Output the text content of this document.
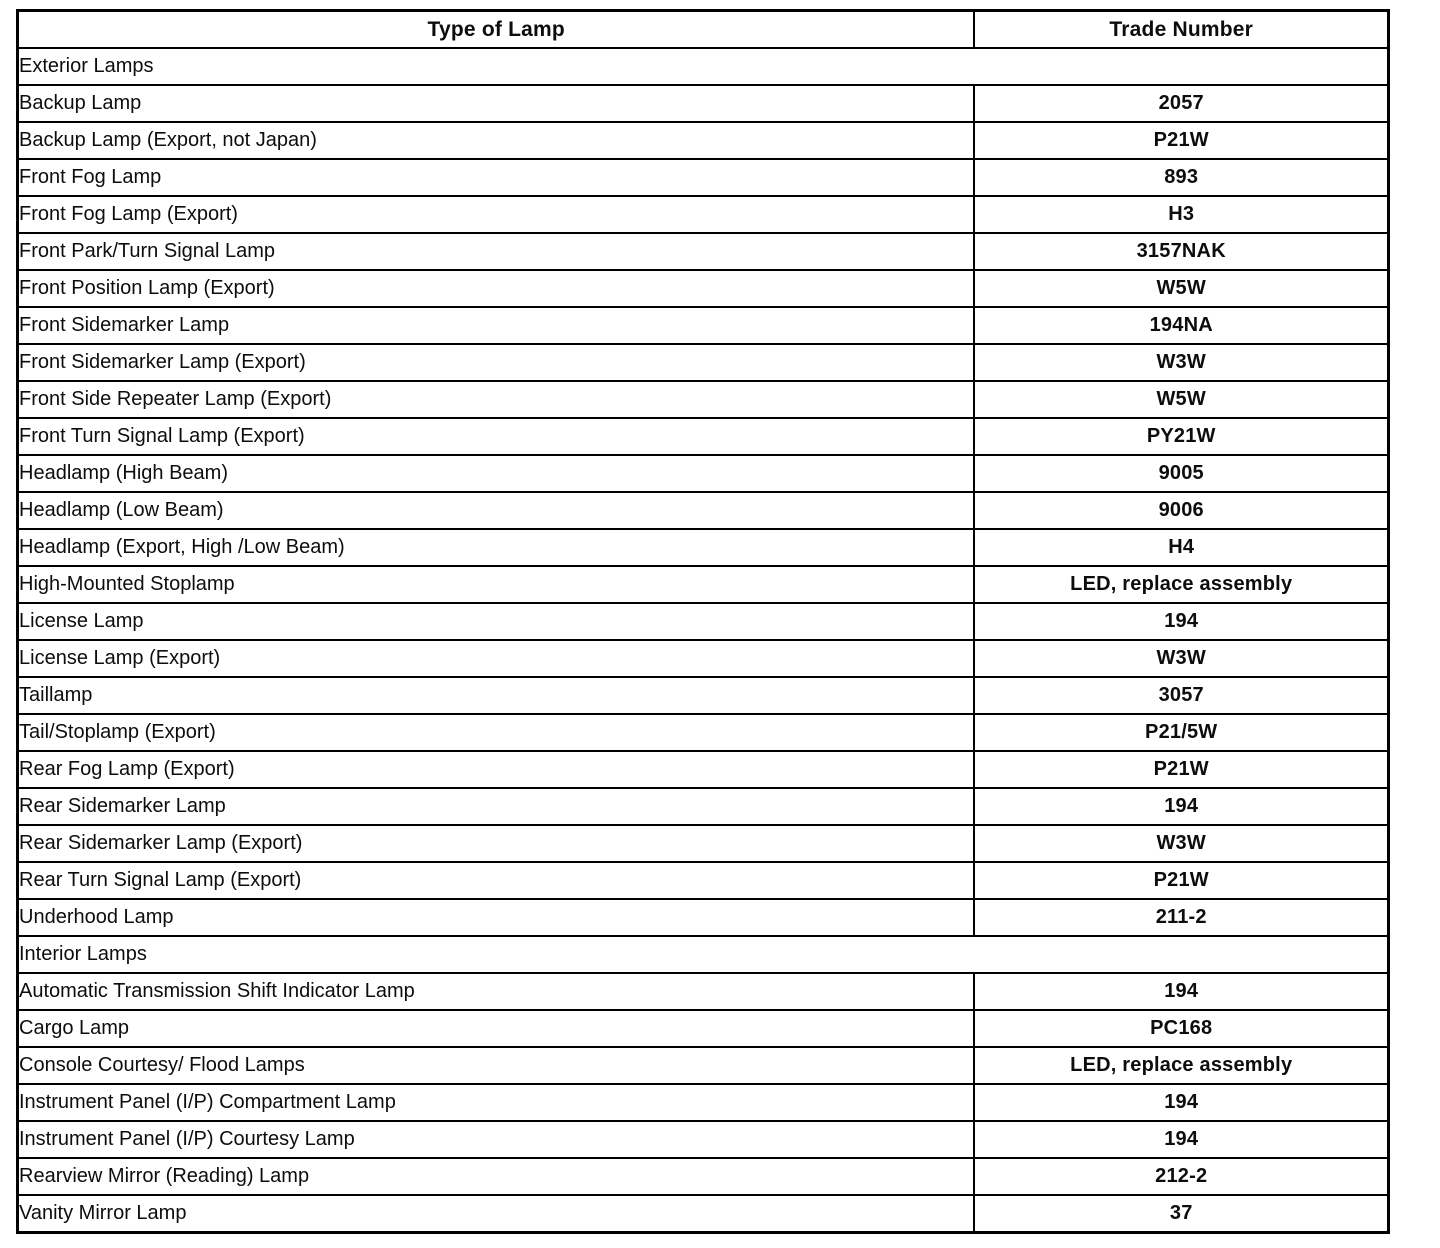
Type of Lamp	Trade Number
Exterior Lamps	
Backup Lamp	2057
Backup Lamp (Export, not Japan)	P21W
Front Fog Lamp	893
Front Fog Lamp (Export)	H3
Front Park/Turn Signal Lamp	3157NAK
Front Position Lamp (Export)	W5W
Front Sidemarker Lamp	194NA
Front Sidemarker Lamp (Export)	W3W
Front Side Repeater Lamp (Export)	W5W
Front Turn Signal Lamp (Export)	PY21W
Headlamp (High Beam)	9005
Headlamp (Low Beam)	9006
Headlamp (Export, High /Low Beam)	H4
High-Mounted Stoplamp	LED, replace assembly
License Lamp	194
License Lamp (Export)	W3W
Taillamp	3057
Tail/Stoplamp (Export)	P21/5W
Rear Fog Lamp (Export)	P21W
Rear Sidemarker Lamp	194
Rear Sidemarker Lamp (Export)	W3W
Rear Turn Signal Lamp (Export)	P21W
Underhood Lamp	211-2
Interior Lamps	
Automatic Transmission Shift Indicator Lamp	194
Cargo Lamp	PC168
Console Courtesy/ Flood Lamps	LED, replace assembly
Instrument Panel (I/P) Compartment Lamp	194
Instrument Panel (I/P) Courtesy Lamp	194
Rearview Mirror (Reading) Lamp	212-2
Vanity Mirror Lamp	37
